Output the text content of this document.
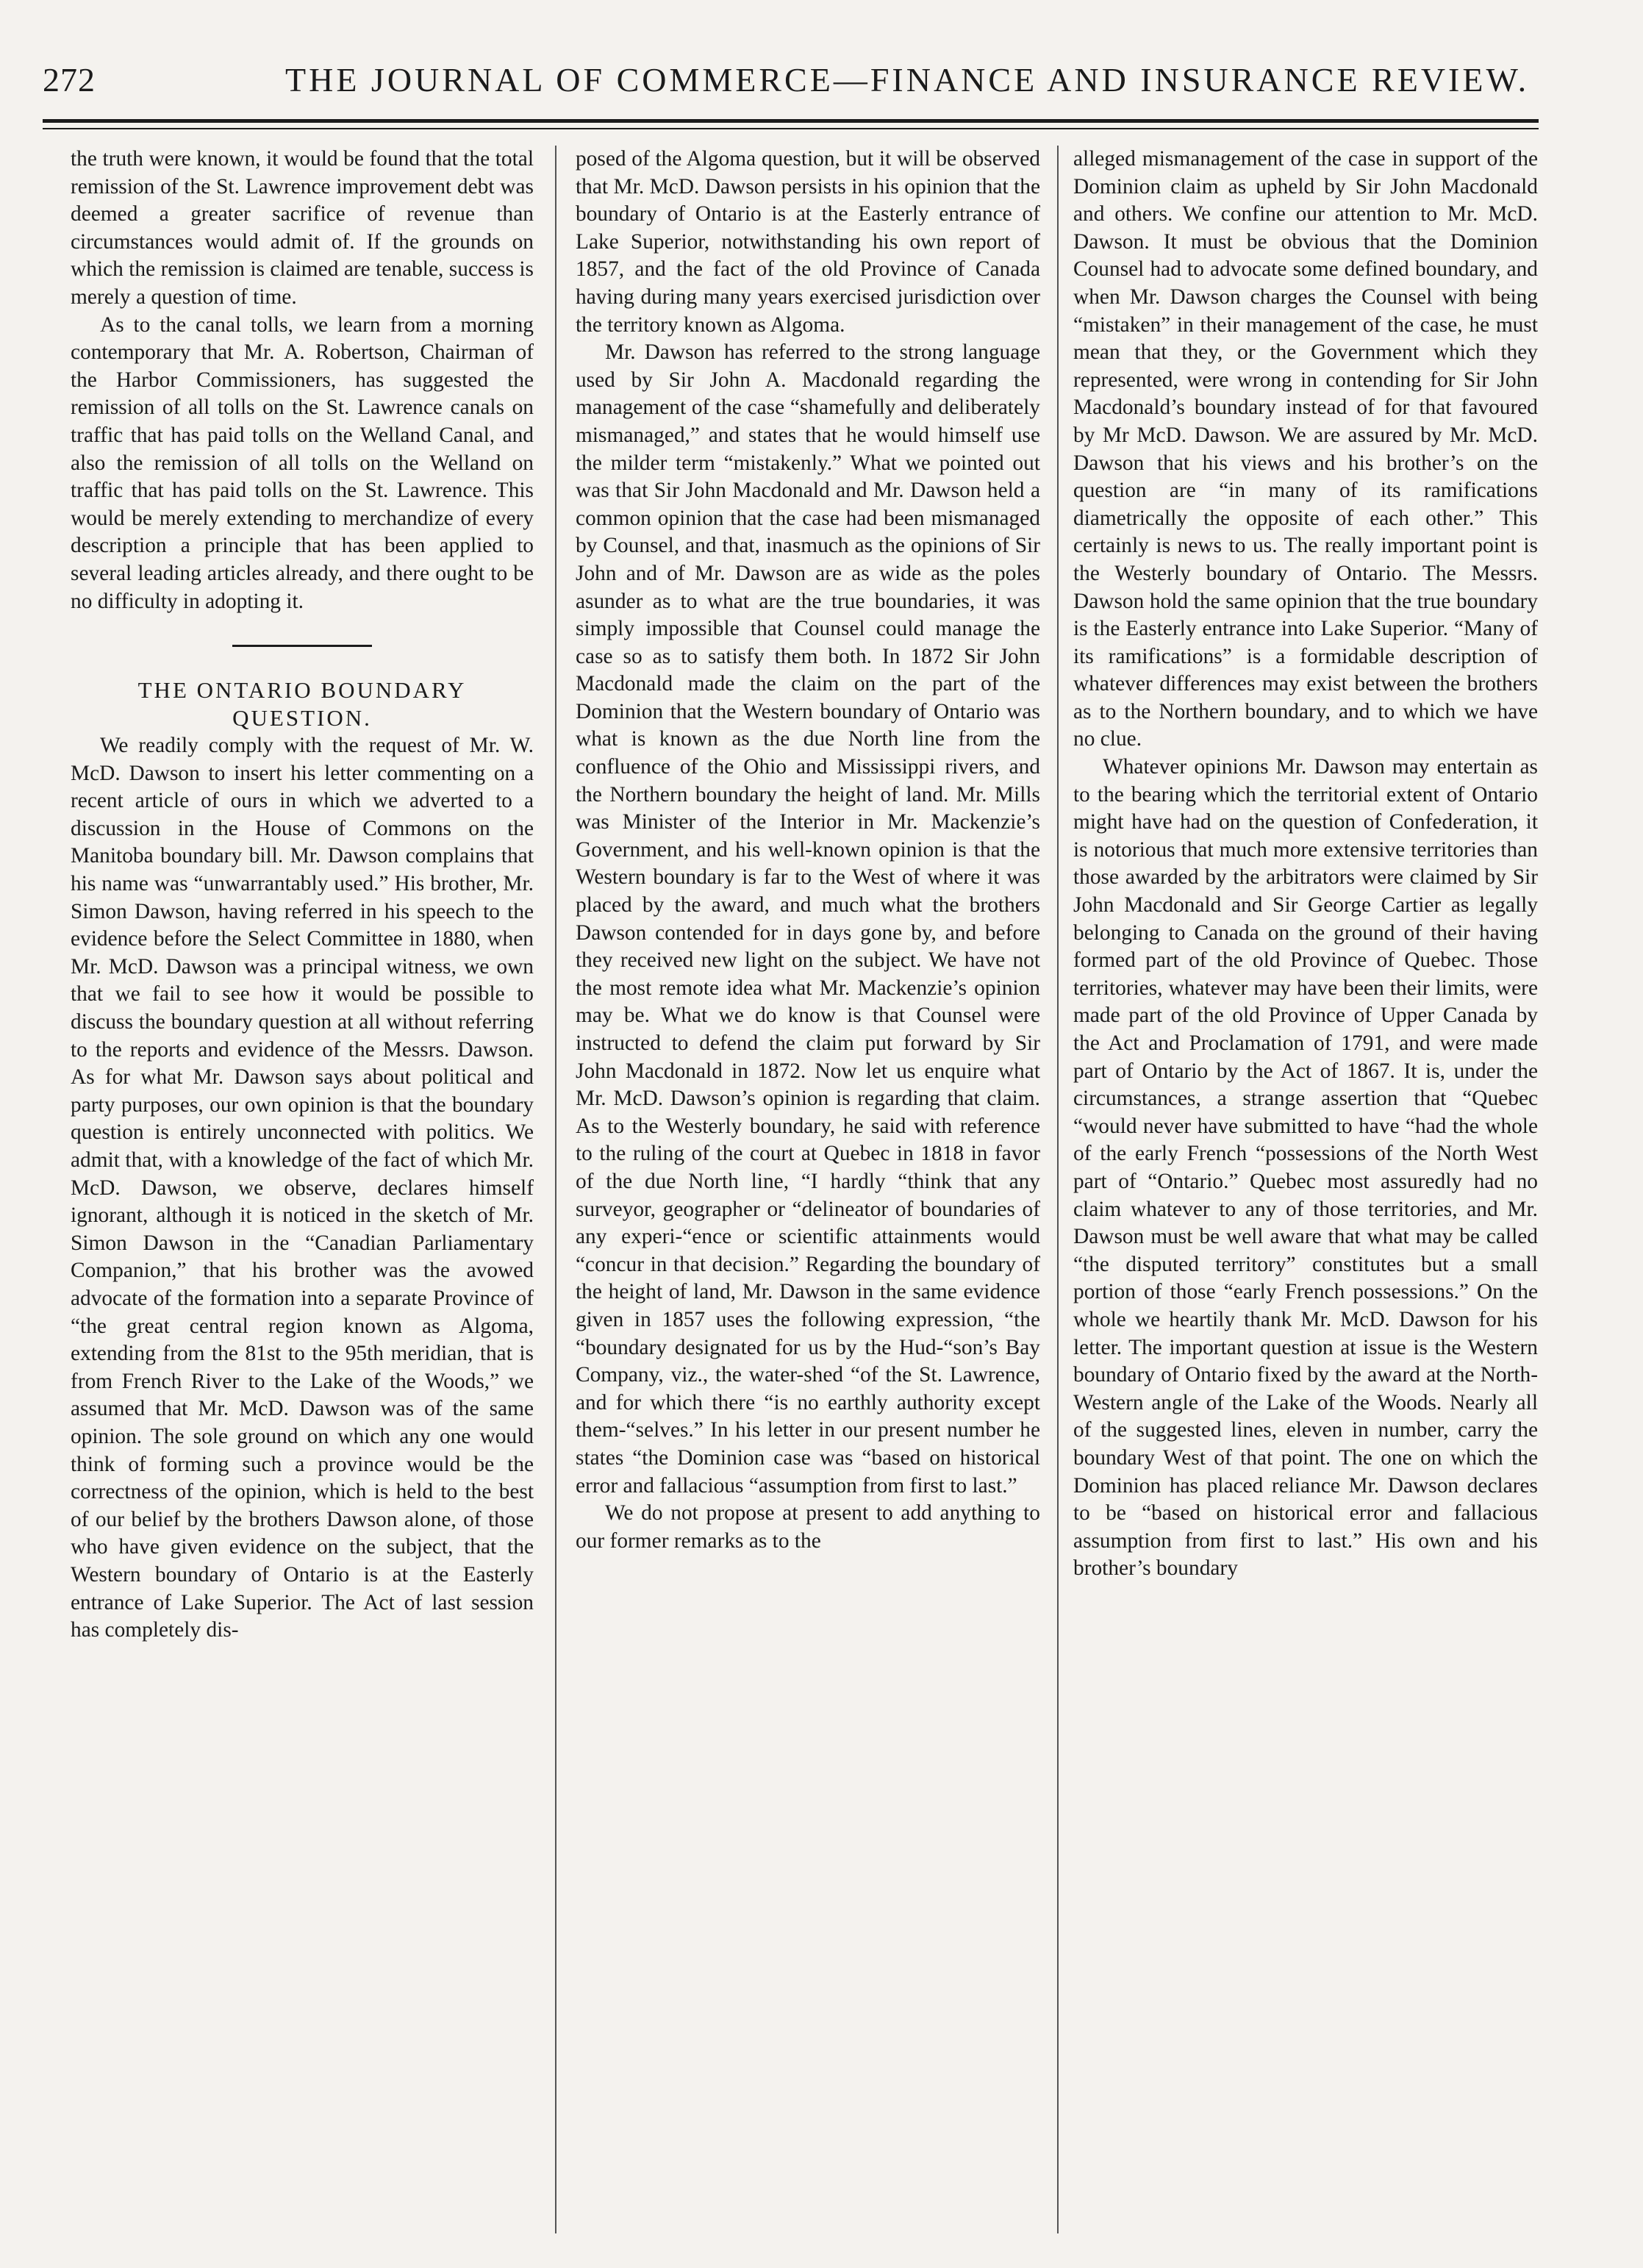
272	THE JOURNAL OF COMMERCE—FINANCE AND INSURANCE REVIEW.

the truth were known, it would be found that the total remission of the St. Lawrence improvement debt was deemed a greater sacrifice of revenue than circumstances would admit of. If the grounds on which the remission is claimed are tenable, success is merely a question of time.

As to the canal tolls, we learn from a morning contemporary that Mr. A. Robertson, Chairman of the Harbor Commissioners, has suggested the remission of all tolls on the St. Lawrence canals on traffic that has paid tolls on the Welland Canal, and also the remission of all tolls on the Welland on traffic that has paid tolls on the St. Lawrence. This would be merely extending to merchandize of every description a principle that has been applied to several leading articles already, and there ought to be no difficulty in adopting it.

THE ONTARIO BOUNDARY QUESTION.

We readily comply with the request of Mr. W. McD. Dawson to insert his letter commenting on a recent article of ours in which we adverted to a discussion in the House of Commons on the Manitoba boundary bill. Mr. Dawson complains that his name was “unwarrantably used.” His brother, Mr. Simon Dawson, having referred in his speech to the evidence before the Select Committee in 1880, when Mr. McD. Dawson was a principal witness, we own that we fail to see how it would be possible to discuss the boundary question at all without referring to the reports and evidence of the Messrs. Dawson. As for what Mr. Dawson says about political and party purposes, our own opinion is that the boundary question is entirely unconnected with politics. We admit that, with a knowledge of the fact of which Mr. McD. Dawson, we observe, declares himself ignorant, although it is noticed in the sketch of Mr. Simon Dawson in the “Canadian Parliamentary Companion,” that his brother was the avowed advocate of the formation into a separate Province of “the great central region known as Algoma, extending from the 81st to the 95th meridian, that is from French River to the Lake of the Woods,” we assumed that Mr. McD. Dawson was of the same opinion. The sole ground on which any one would think of forming such a province would be the correctness of the opinion, which is held to the best of our belief by the brothers Dawson alone, of those who have given evidence on the subject, that the Western boundary of Ontario is at the Easterly entrance of Lake Superior. The Act of last session has completely dis-

posed of the Algoma question, but it will be observed that Mr. McD. Dawson persists in his opinion that the boundary of Ontario is at the Easterly entrance of Lake Superior, notwithstanding his own report of 1857, and the fact of the old Province of Canada having during many years exercised jurisdiction over the territory known as Algoma.

Mr. Dawson has referred to the strong language used by Sir John A. Macdonald regarding the management of the case “shamefully and deliberately mismanaged,” and states that he would himself use the milder term “mistakenly.” What we pointed out was that Sir John Macdonald and Mr. Dawson held a common opinion that the case had been mismanaged by Counsel, and that, inasmuch as the opinions of Sir John and of Mr. Dawson are as wide as the poles asunder as to what are the true boundaries, it was simply impossible that Counsel could manage the case so as to satisfy them both. In 1872 Sir John Macdonald made the claim on the part of the Dominion that the Western boundary of Ontario was what is known as the due North line from the confluence of the Ohio and Mississippi rivers, and the Northern boundary the height of land. Mr. Mills was Minister of the Interior in Mr. Mackenzie’s Government, and his well-known opinion is that the Western boundary is far to the West of where it was placed by the award, and much what the brothers Dawson contended for in days gone by, and before they received new light on the subject. We have not the most remote idea what Mr. Mackenzie’s opinion may be. What we do know is that Counsel were instructed to defend the claim put forward by Sir John Macdonald in 1872. Now let us enquire what Mr. McD. Dawson’s opinion is regarding that claim. As to the Westerly boundary, he said with reference to the ruling of the court at Quebec in 1818 in favor of the due North line, “I hardly “think that any surveyor, geographer or “delineator of boundaries of any experi-“ence or scientific attainments would “concur in that decision.” Regarding the boundary of the height of land, Mr. Dawson in the same evidence given in 1857 uses the following expression, “the “boundary designated for us by the Hud-“son’s Bay Company, viz., the water-shed “of the St. Lawrence, and for which there “is no earthly authority except them-“selves.” In his letter in our present number he states “the Dominion case was “based on historical error and fallacious “assumption from first to last.”

We do not propose at present to add anything to our former remarks as to the

alleged mismanagement of the case in support of the Dominion claim as upheld by Sir John Macdonald and others. We confine our attention to Mr. McD. Dawson. It must be obvious that the Dominion Counsel had to advocate some defined boundary, and when Mr. Dawson charges the Counsel with being “mistaken” in their management of the case, he must mean that they, or the Government which they represented, were wrong in contending for Sir John Macdonald’s boundary instead of for that favoured by Mr McD. Dawson. We are assured by Mr. McD. Dawson that his views and his brother’s on the question are “in many of its ramifications diametrically the opposite of each other.” This certainly is news to us. The really important point is the Westerly boundary of Ontario. The Messrs. Dawson hold the same opinion that the true boundary is the Easterly entrance into Lake Superior. “Many of its ramifications” is a formidable description of whatever differences may exist between the brothers as to the Northern boundary, and to which we have no clue.

Whatever opinions Mr. Dawson may entertain as to the bearing which the territorial extent of Ontario might have had on the question of Confederation, it is notorious that much more extensive territories than those awarded by the arbitrators were claimed by Sir John Macdonald and Sir George Cartier as legally belonging to Canada on the ground of their having formed part of the old Province of Quebec. Those territories, whatever may have been their limits, were made part of the old Province of Upper Canada by the Act and Proclamation of 1791, and were made part of Ontario by the Act of 1867. It is, under the circumstances, a strange assertion that “Quebec “would never have submitted to have “had the whole of the early French “possessions of the North West part of “Ontario.” Quebec most assuredly had no claim whatever to any of those territories, and Mr. Dawson must be well aware that what may be called “the disputed territory” constitutes but a small portion of those “early French possessions.” On the whole we heartily thank Mr. McD. Dawson for his letter. The important question at issue is the Western boundary of Ontario fixed by the award at the North-Western angle of the Lake of the Woods. Nearly all of the suggested lines, eleven in number, carry the boundary West of that point. The one on which the Dominion has placed reliance Mr. Dawson declares to be “based on historical error and fallacious assumption from first to last.” His own and his brother’s boundary
